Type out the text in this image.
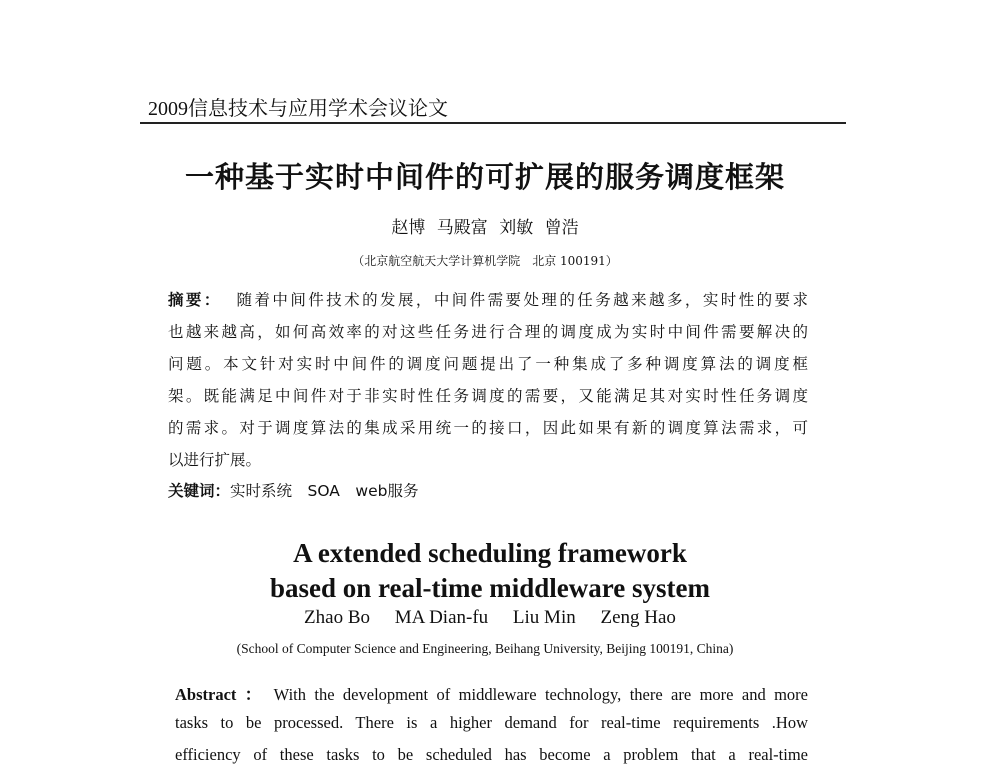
2009信息技术与应用学术会议论文
一种基于实时中间件的可扩展的服务调度框架
赵博 马殿富 刘敏 曾浩
（北京航空航天大学计算机学院　北京 100191）
摘要： 随着中间件技术的发展，中间件需要处理的任务越来越多，实时性的要求
也越来越高，如何高效率的对这些任务进行合理的调度成为实时中间件需要解决的
问题。本文针对实时中间件的调度问题提出了一种集成了多种调度算法的调度框
架。既能满足中间件对于非实时性任务调度的需要，又能满足其对实时性任务调度
的需求。对于调度算法的集成采用统一的接口，因此如果有新的调度算法需求，可
以进行扩展。
关键词：实时系统　SOA　web服务
A extended scheduling framework
based on real-time middleware system
Zhao Bo MA Dian-fu Liu Min Zeng Hao
(School of Computer Science and Engineering, Beihang University, Beijing 100191, China)
Abstract ： With the development of middleware technology, there are more and more
tasks to be processed. There is a higher demand for real-time requirements .How
efficiency of these tasks to be scheduled has become a problem that a real-time
